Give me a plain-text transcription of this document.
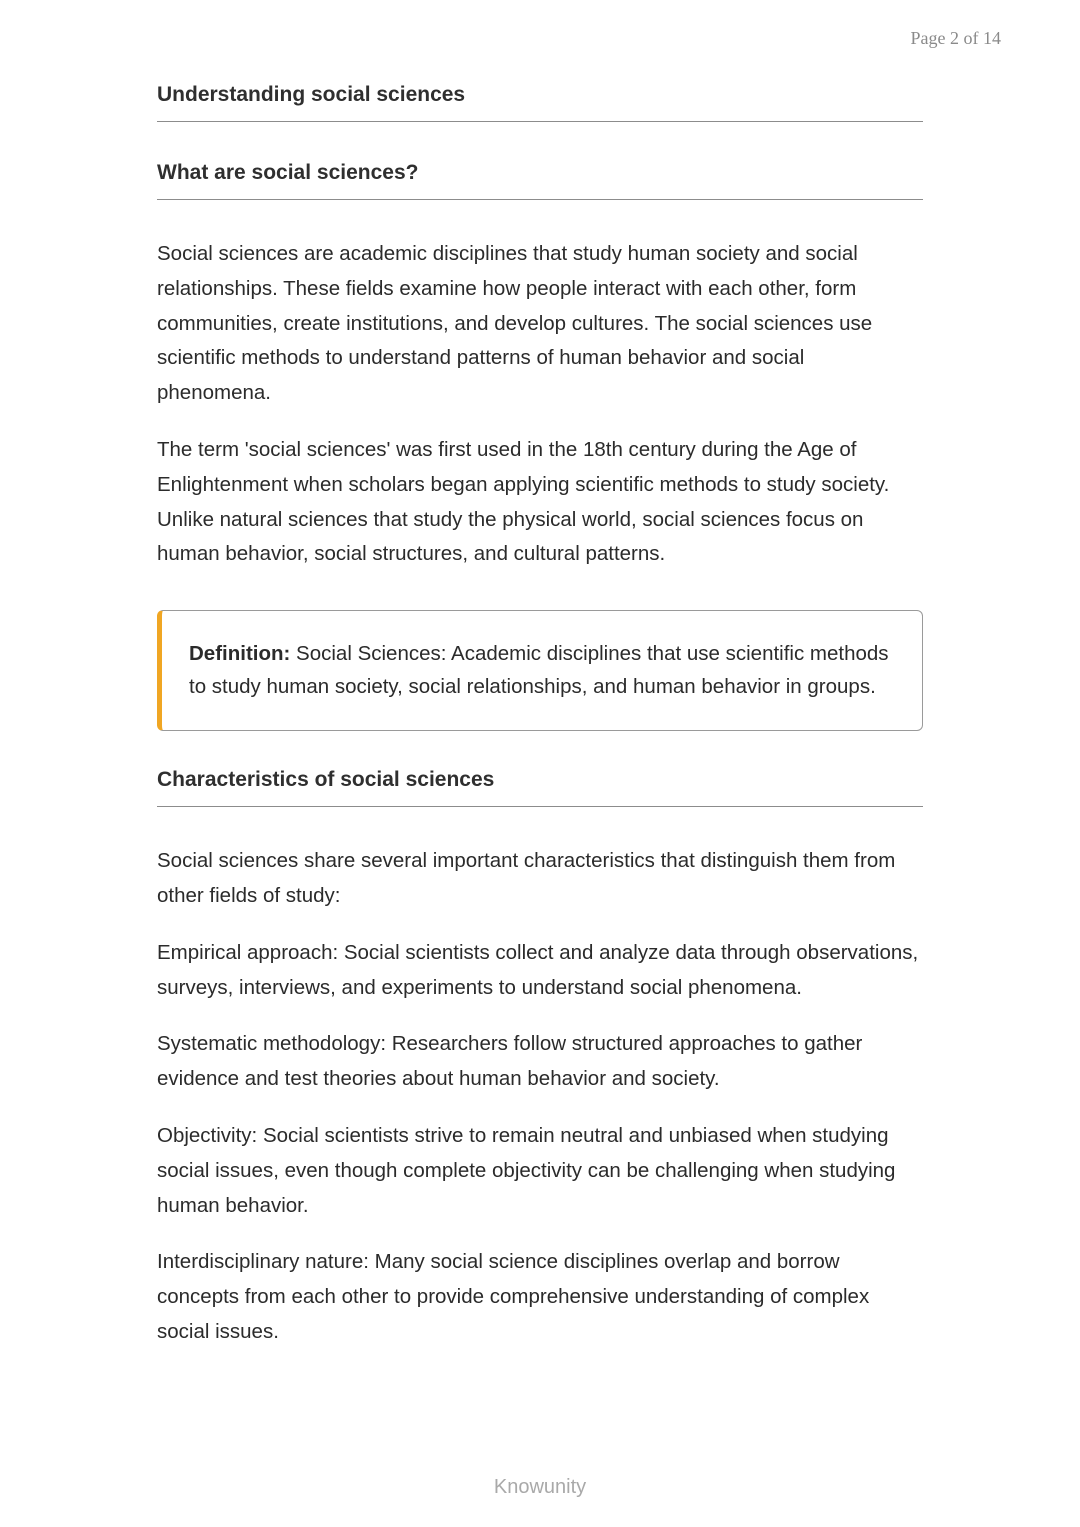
Page 2 of 14
Understanding social sciences
What are social sciences?

Social sciences are academic disciplines that study human society and social relationships. These fields examine how people interact with each other, form communities, create institutions, and develop cultures. The social sciences use scientific methods to understand patterns of human behavior and social phenomena.

The term 'social sciences' was first used in the 18th century during the Age of Enlightenment when scholars began applying scientific methods to study society. Unlike natural sciences that study the physical world, social sciences focus on human behavior, social structures, and cultural patterns.

Definition: Social Sciences: Academic disciplines that use scientific methods to study human society, social relationships, and human behavior in groups.
Characteristics of social sciences

Social sciences share several important characteristics that distinguish them from other fields of study:

Empirical approach: Social scientists collect and analyze data through observations, surveys, interviews, and experiments to understand social phenomena.

Systematic methodology: Researchers follow structured approaches to gather evidence and test theories about human behavior and society.

Objectivity: Social scientists strive to remain neutral and unbiased when studying social issues, even though complete objectivity can be challenging when studying human behavior.

Interdisciplinary nature: Many social science disciplines overlap and borrow concepts from each other to provide comprehensive understanding of complex social issues.

Knowunity
